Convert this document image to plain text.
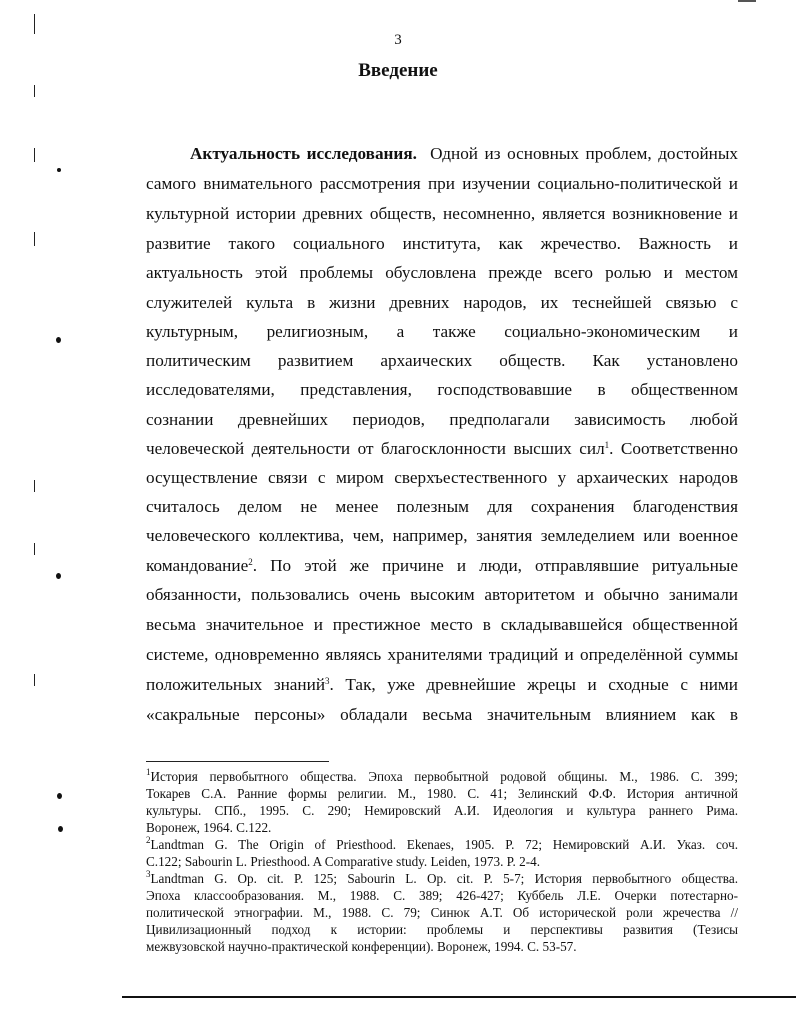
3
Введение
Актуальность исследования. Одной из основных проблем, достойных
самого внимательного рассмотрения при изучении социально-политической и
культурной истории древних обществ, несомненно, является возникновение и
развитие такого социального института, как жречество. Важность и
актуальность этой проблемы обусловлена прежде всего ролью и местом
служителей культа в жизни древних народов, их теснейшей связью с
культурным, религиозным, а также социально-экономическим и
политическим развитием архаических обществ. Как установлено
исследователями, представления, господствовавшие в общественном
сознании древнейших периодов, предполагали зависимость любой
человеческой деятельности от благосклонности высших сил$^1$. Соответственно
осуществление связи с миром сверхъестественного у архаических народов
считалось делом не менее полезным для сохранения благоденствия
человеческого коллектива, чем, например, занятия земледелием или военное
командование$^2$. По этой же причине и люди, отправлявшие ритуальные
обязанности, пользовались очень высоким авторитетом и обычно занимали
весьма значительное и престижное место в складывавшейся общественной
системе, одновременно являясь хранителями традиций и определённой суммы
положительных знаний$^3$. Так, уже древнейшие жрецы и сходные с ними
«сакральные персоны» обладали весьма значительным влиянием как в
$^1$История первобытного общества. Эпоха первобытной родовой общины. М., 1986. С. 399;
Токарев С.А. Ранние формы религии. М., 1980. С. 41; Зелинский Ф.Ф. История античной
культуры. СПб., 1995. С. 290; Немировский А.И. Идеология и культура раннего Рима.
Воронеж, 1964. С.122.
$^2$Landtman G. The Origin of Priesthood. Ekenaes, 1905. P. 72; Немировский А.И. Указ. соч.
С.122; Sabourin L. Priesthood. A Comparative study. Leiden, 1973. P. 2-4.
$^3$Landtman G. Op. cit. P. 125; Sabourin L. Op. cit. P. 5-7; История первобытного общества.
Эпоха классообразования. М., 1988. С. 389; 426-427; Куббель Л.Е. Очерки потестарно-
политической этнографии. М., 1988. С. 79; Синюк А.Т. Об исторической роли жречества //
Цивилизационный подход к истории: проблемы и перспективы развития (Тезисы
межвузовской научно-практической конференции). Воронеж, 1994. С. 53-57.
